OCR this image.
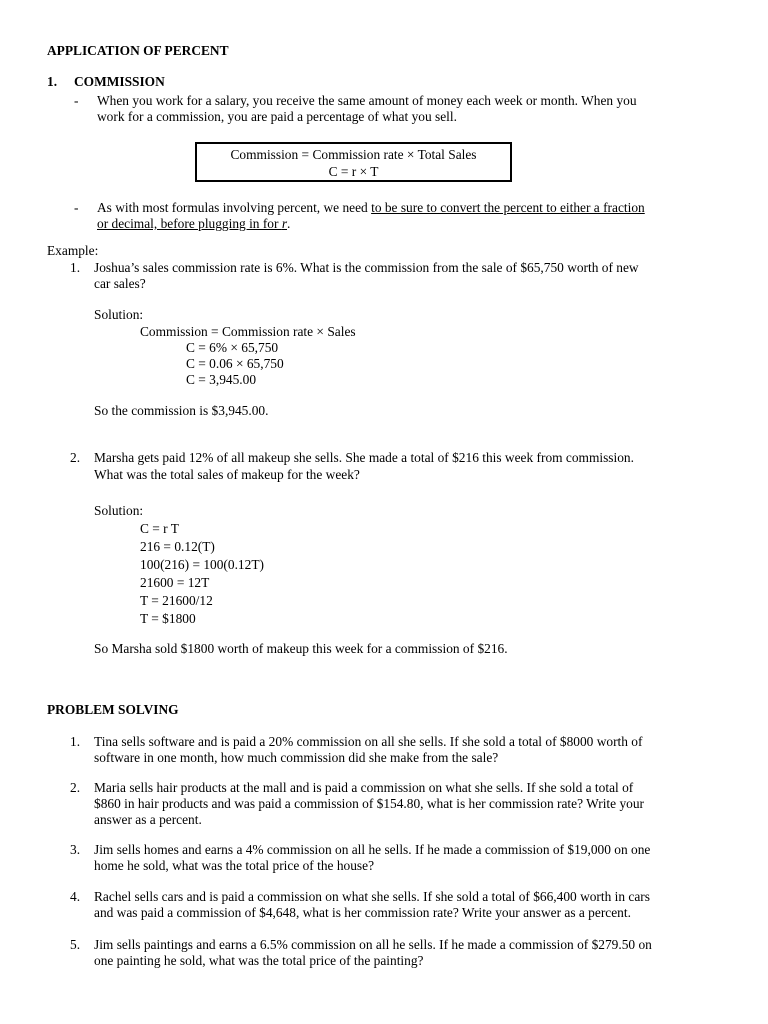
APPLICATION OF PERCENT
1. COMMISSION
- When you work for a salary, you receive the same amount of money each week or month. When you
work for a commission, you are paid a percentage of what you sell.
Commission = Commission rate × Total Sales
C = r × T
- As with most formulas involving percent, we need to be sure to convert the percent to either a fraction
or decimal, before plugging in for r.
Example:
1. Joshua’s sales commission rate is 6%. What is the commission from the sale of $65,750 worth of new
car sales?
Solution:
Commission = Commission rate × Sales
C = 6% × 65,750
C = 0.06 × 65,750
C = 3,945.00
So the commission is $3,945.00.
2. Marsha gets paid 12% of all makeup she sells. She made a total of $216 this week from commission.
What was the total sales of makeup for the week?
Solution:
C = r T
216 = 0.12(T)
100(216) = 100(0.12T)
21600 = 12T
T = 21600/12
T = $1800
So Marsha sold $1800 worth of makeup this week for a commission of $216.
PROBLEM SOLVING
1. Tina sells software and is paid a 20% commission on all she sells. If she sold a total of $8000 worth of
software in one month, how much commission did she make from the sale?
2. Maria sells hair products at the mall and is paid a commission on what she sells. If she sold a total of
$860 in hair products and was paid a commission of $154.80, what is her commission rate? Write your
answer as a percent.
3. Jim sells homes and earns a 4% commission on all he sells. If he made a commission of $19,000 on one
home he sold, what was the total price of the house?
4. Rachel sells cars and is paid a commission on what she sells. If she sold a total of $66,400 worth in cars
and was paid a commission of $4,648, what is her commission rate? Write your answer as a percent.
5. Jim sells paintings and earns a 6.5% commission on all he sells. If he made a commission of $279.50 on
one painting he sold, what was the total price of the painting?
